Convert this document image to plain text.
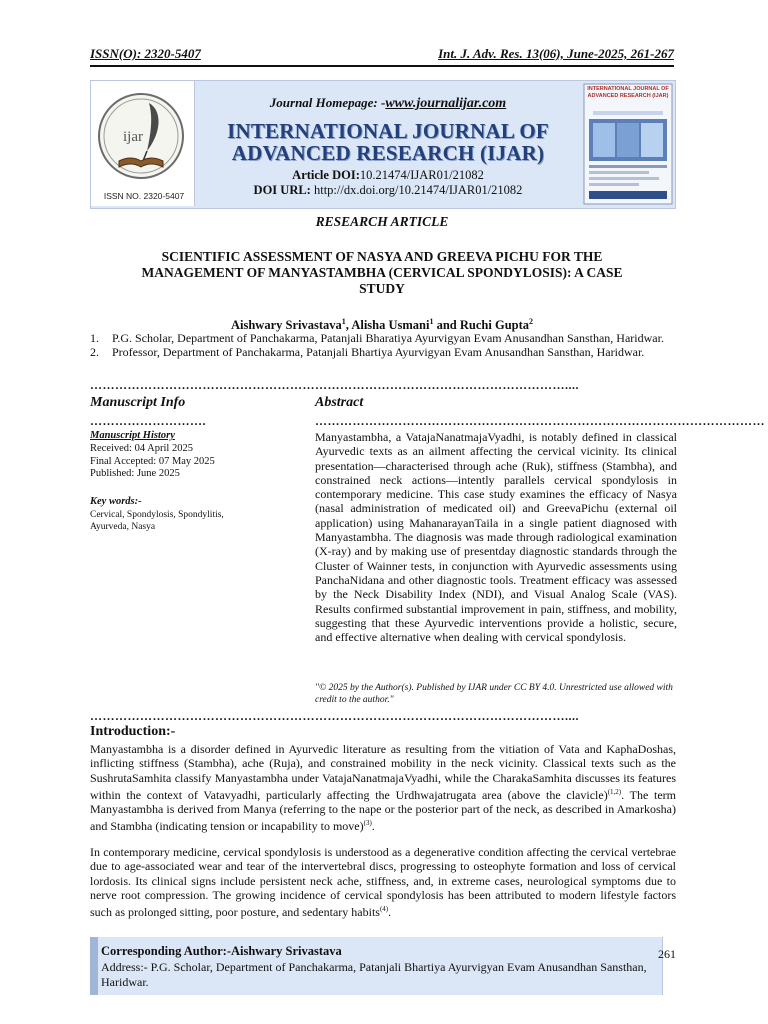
ISSN(O): 2320-5407	Int. J. Adv. Res. 13(06), June-2025, 261-267
ijar
ISSN NO. 2320-5407
Journal Homepage: -www.journalijar.com
INTERNATIONAL JOURNAL OF
ADVANCED RESEARCH (IJAR)
Article DOI:10.21474/IJAR01/21082
DOI URL: http://dx.doi.org/10.21474/IJAR01/21082
INTERNATIONAL JOURNAL OF ADVANCED RESEARCH (IJAR)
RESEARCH ARTICLE
SCIENTIFIC ASSESSMENT OF NASYA AND GREEVA PICHU FOR THE
MANAGEMENT OF MANYASTAMBHA (CERVICAL SPONDYLOSIS): A CASE
STUDY
Aishwary Srivastava$^1$, Alisha Usmani$^1$ and Ruchi Gupta$^2$
1.	P.G. Scholar, Department of Panchakarma, Patanjali Bharatiya Ayurvigyan Evam Anusandhan Sansthan, Haridwar.
2.	Professor, Department of Panchakarma, Patanjali Bhartiya Ayurvigyan Evam Anusandhan Sansthan, Haridwar.
……………………………………………………………………………………………………....
Manuscript Info	Abstract
……………………….	………………………………………………………………………………………………
Manuscript History
Received: 04 April 2025
Final Accepted: 07 May 2025
Published: June 2025
Key words:-
Cervical, Spondylosis, Spondylitis,
Ayurveda, Nasya
Manyastambha, a VatajaNanatmajaVyadhi, is notably defined in classical Ayurvedic texts as an ailment affecting the cervical vicinity. Its clinical presentation—characterised through ache (Ruk), stiffness (Stambha), and constrained neck actions—intently parallels cervical spondylosis in contemporary medicine. This case study examines the efficacy of Nasya (nasal administration of medicated oil) and GreevaPichu (external oil application) using MahanarayanTaila in a single patient diagnosed with Manyastambha. The diagnosis was made through radiological examination (X-ray) and by making use of presentday diagnostic standards through the Cluster of Wainner tests, in conjunction with Ayurvedic assessments using PanchaNidana and other diagnostic tools. Treatment efficacy was assessed by the Neck Disability Index (NDI), and Visual Analog Scale (VAS). Results confirmed substantial improvement in pain, stiffness, and mobility, suggesting that these Ayurvedic interventions provide a holistic, secure, and effective alternative when dealing with cervical spondylosis.
"© 2025 by the Author(s). Published by IJAR under CC BY 4.0. Unrestricted use allowed with credit to the author."
……………………………………………………………………………………………………....
Introduction:-
Manyastambha is a disorder defined in Ayurvedic literature as resulting from the vitiation of Vata and KaphaDoshas, inflicting stiffness (Stambha), ache (Ruja), and constrained mobility in the neck vicinity. Classical texts such as the SushrutaSamhita classify Manyastambha under VatajaNanatmajaVyadhi, while the CharakaSamhita discusses its features within the context of Vatavyadhi, particularly affecting the Urdhwajatrugata area (above the clavicle)$^{(1,2)}$. The term Manyastambha is derived from Manya (referring to the nape or the posterior part of the neck, as described in Amarkosha) and Stambha (indicating tension or incapability to move)$^{(3)}$.
In contemporary medicine, cervical spondylosis is understood as a degenerative condition affecting the cervical vertebrae due to age-associated wear and tear of the intervertebral discs, progressing to osteophyte formation and loss of cervical lordosis. Its clinical signs include persistent neck ache, stiffness, and, in extreme cases, neurological symptoms due to nerve root compression. The growing incidence of cervical spondylosis has been attributed to modern lifestyle factors such as prolonged sitting, poor posture, and sedentary habits$^{(4)}$.
Corresponding Author:-Aishwary Srivastava
Address:- P.G. Scholar, Department of Panchakarma, Patanjali Bhartiya Ayurvigyan Evam Anusandhan Sansthan, Haridwar.
261
